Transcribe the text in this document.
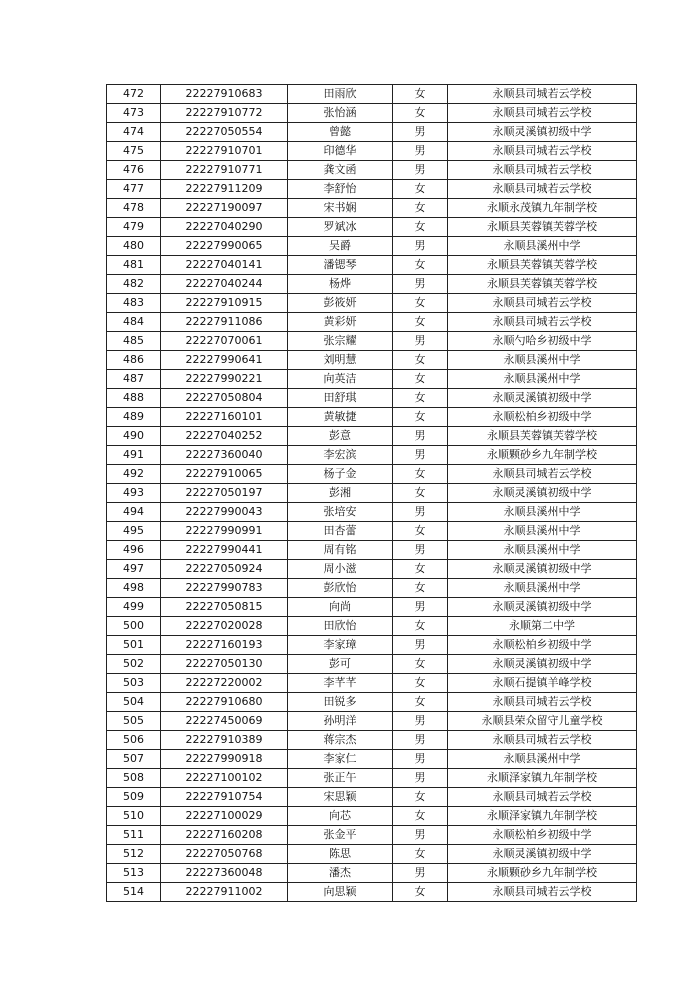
472	22227910683	田雨欣	女	永顺县司城若云学校
473	22227910772	张怡涵	女	永顺县司城若云学校
474	22227050554	曾懿	男	永顺灵溪镇初级中学
475	22227910701	印德华	男	永顺县司城若云学校
476	22227910771	龚文函	男	永顺县司城若云学校
477	22227911209	李舒怡	女	永顺县司城若云学校
478	22227190097	宋书娴	女	永顺永茂镇九年制学校
479	22227040290	罗斌冰	女	永顺县芙蓉镇芙蓉学校
480	22227990065	吴爵	男	永顺县溪州中学
481	22227040141	潘锶琴	女	永顺县芙蓉镇芙蓉学校
482	22227040244	杨烨	男	永顺县芙蓉镇芙蓉学校
483	22227910915	彭筱妍	女	永顺县司城若云学校
484	22227911086	黄彩妍	女	永顺县司城若云学校
485	22227070061	张宗耀	男	永顺勺哈乡初级中学
486	22227990641	刘明慧	女	永顺县溪州中学
487	22227990221	向英洁	女	永顺县溪州中学
488	22227050804	田舒琪	女	永顺灵溪镇初级中学
489	22227160101	黄敏捷	女	永顺松柏乡初级中学
490	22227040252	彭意	男	永顺县芙蓉镇芙蓉学校
491	22227360040	李宏滨	男	永顺颗砂乡九年制学校
492	22227910065	杨子金	女	永顺县司城若云学校
493	22227050197	彭湘	女	永顺灵溪镇初级中学
494	22227990043	张培安	男	永顺县溪州中学
495	22227990991	田杏蕾	女	永顺县溪州中学
496	22227990441	周有铭	男	永顺县溪州中学
497	22227050924	周小滋	女	永顺灵溪镇初级中学
498	22227990783	彭欣怡	女	永顺县溪州中学
499	22227050815	向尚	男	永顺灵溪镇初级中学
500	22227020028	田欣怡	女	永顺第二中学
501	22227160193	李家璋	男	永顺松柏乡初级中学
502	22227050130	彭可	女	永顺灵溪镇初级中学
503	22227220002	李芊芊	女	永顺石提镇羊峰学校
504	22227910680	田锐多	女	永顺县司城若云学校
505	22227450069	孙明洋	男	永顺县荣众留守儿童学校
506	22227910389	蒋宗杰	男	永顺县司城若云学校
507	22227990918	李家仁	男	永顺县溪州中学
508	22227100102	张正午	男	永顺泽家镇九年制学校
509	22227910754	宋思颖	女	永顺县司城若云学校
510	22227100029	向芯	女	永顺泽家镇九年制学校
511	22227160208	张金平	男	永顺松柏乡初级中学
512	22227050768	陈思	女	永顺灵溪镇初级中学
513	22227360048	潘杰	男	永顺颗砂乡九年制学校
514	22227911002	向思颖	女	永顺县司城若云学校
